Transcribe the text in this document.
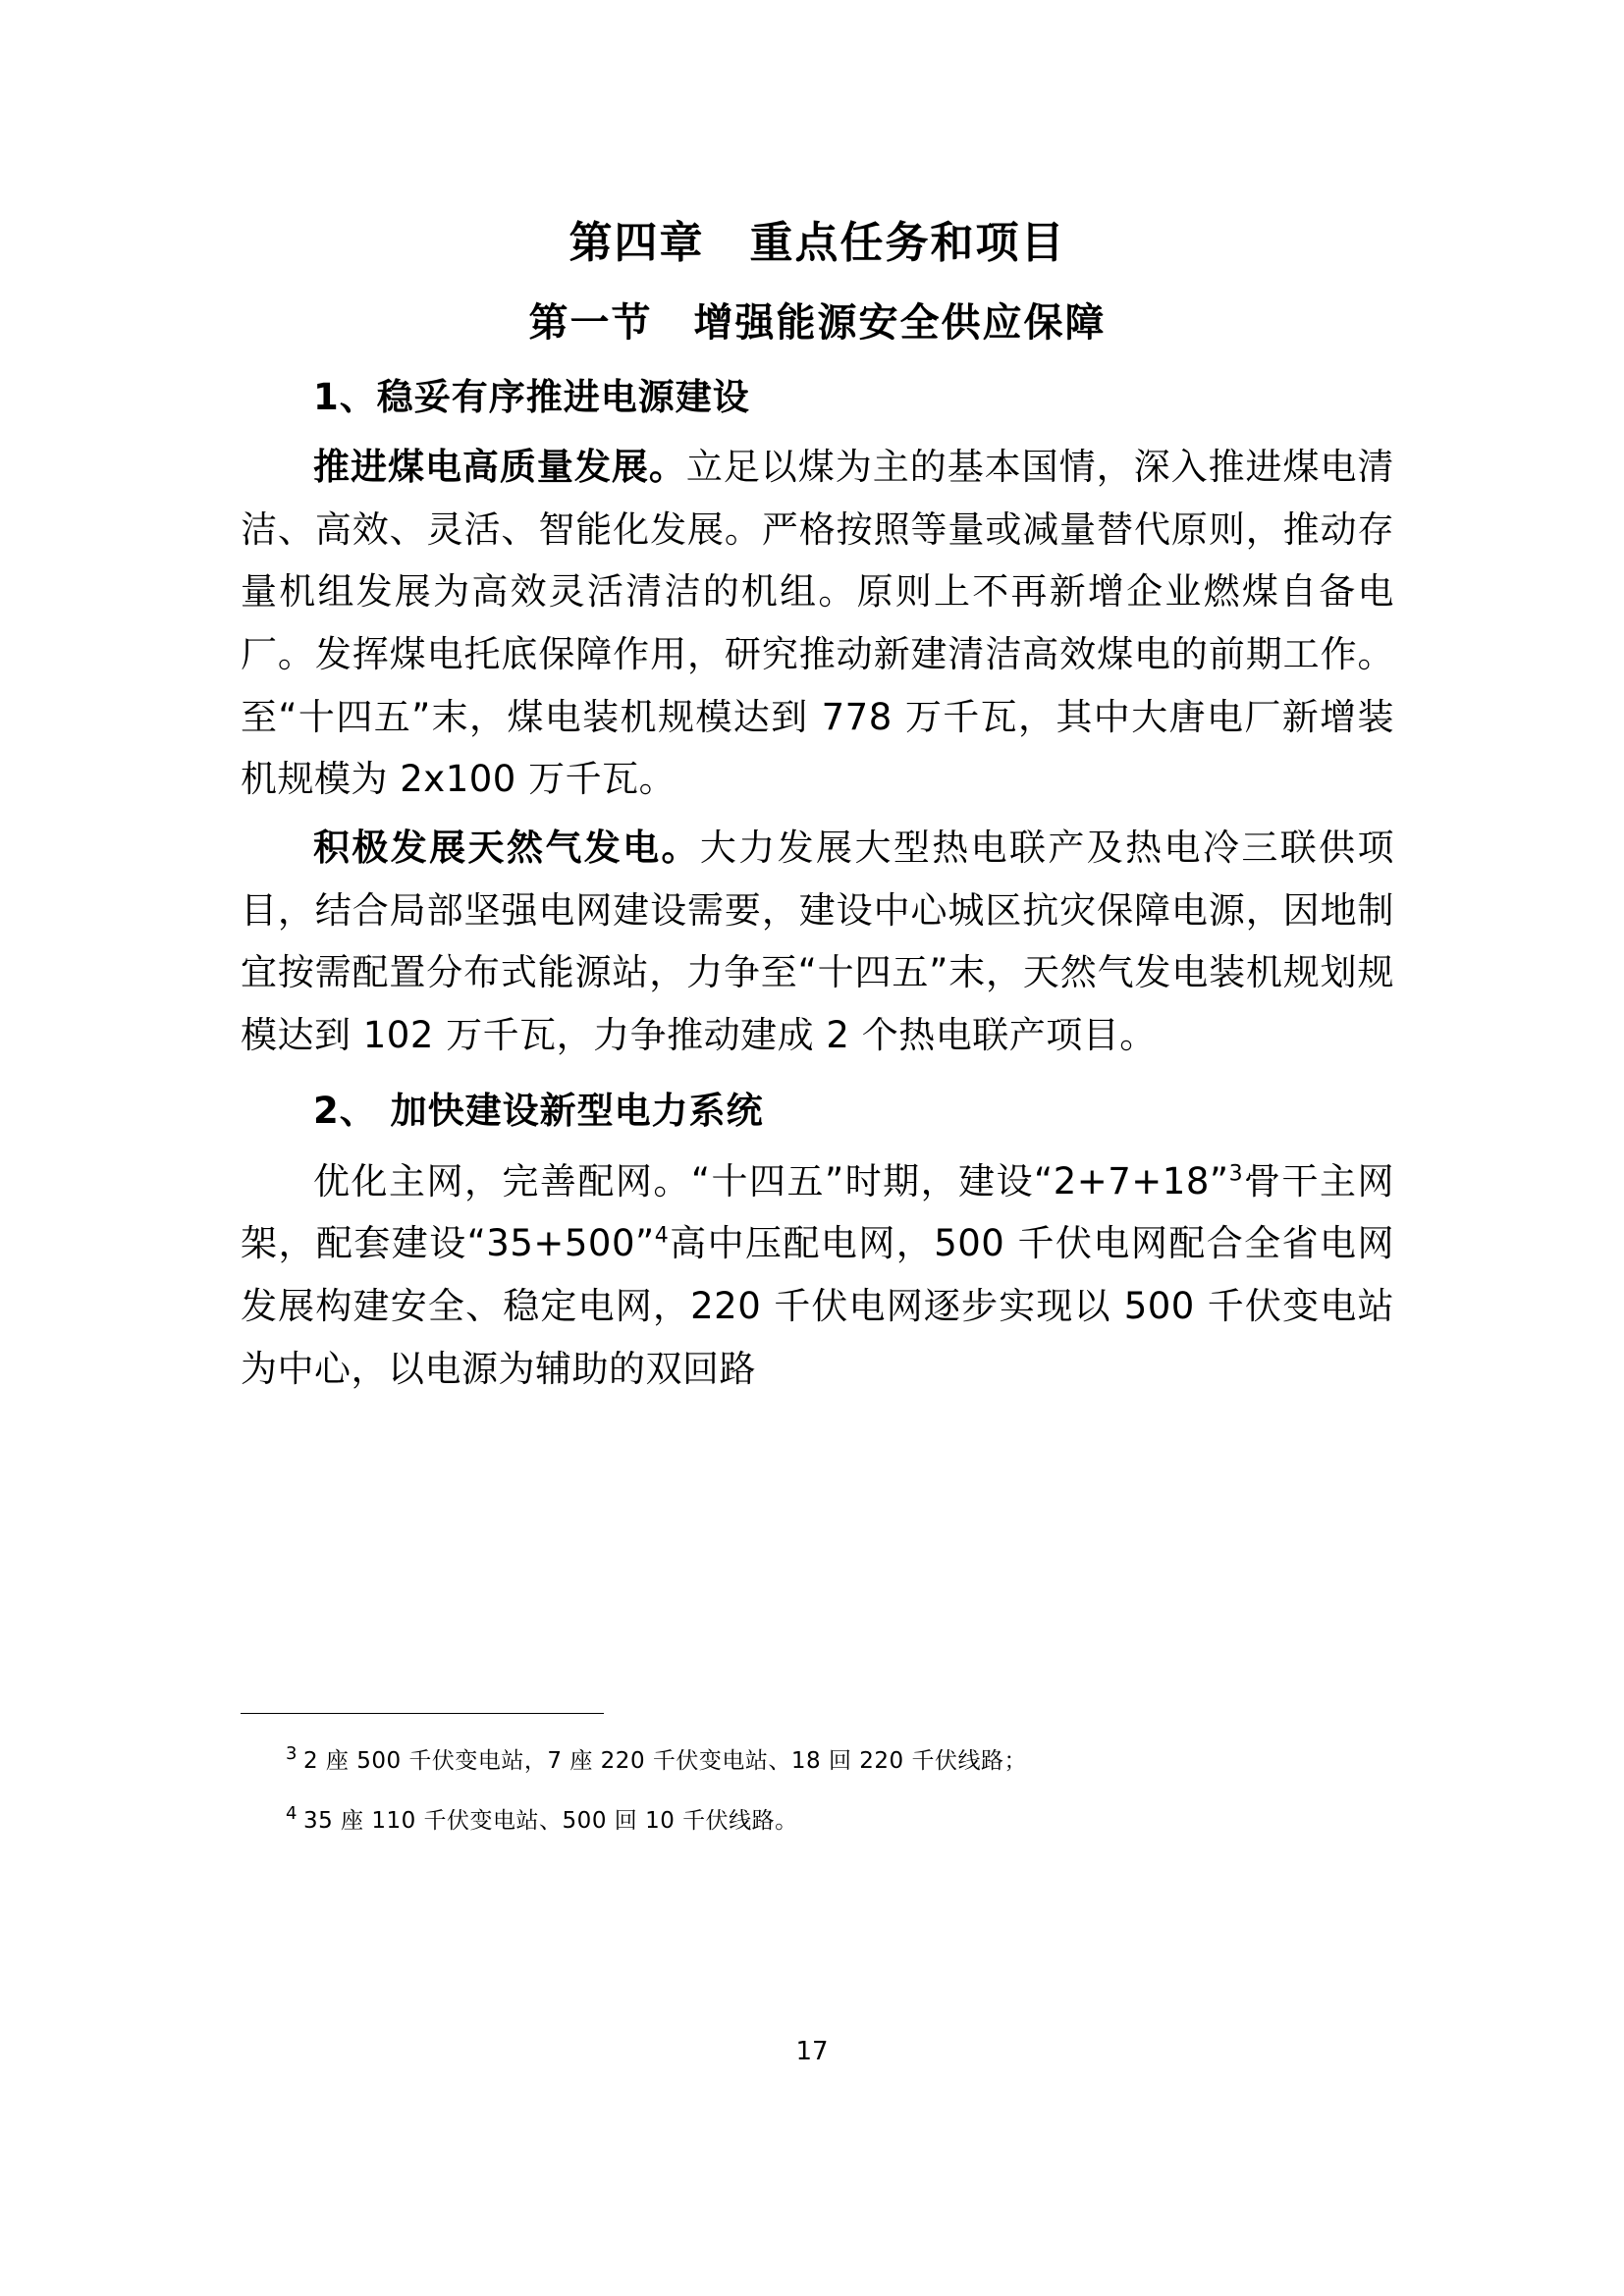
第四章　重点任务和项目
第一节　增强能源安全供应保障
1、稳妥有序推进电源建设

推进煤电高质量发展。立足以煤为主的基本国情，深入推进煤电清洁、高效、灵活、智能化发展。严格按照等量或减量替代原则，推动存量机组发展为高效灵活清洁的机组。原则上不再新增企业燃煤自备电厂。发挥煤电托底保障作用，研究推动新建清洁高效煤电的前期工作。至“十四五”末，煤电装机规模达到 778 万千瓦，其中大唐电厂新增装机规模为 2x100 万千瓦。

积极发展天然气发电。大力发展大型热电联产及热电冷三联供项目，结合局部坚强电网建设需要，建设中心城区抗灾保障电源，因地制宜按需配置分布式能源站，力争至“十四五”末，天然气发电装机规划规模达到 102 万千瓦，力争推动建成 2 个热电联产项目。

2、 加快建设新型电力系统

优化主网，完善配网。“十四五”时期，建设“2+7+18”$^3$骨干主网架，配套建设“35+500”$^4$高中压配电网，500 千伏电网配合全省电网发展构建安全、稳定电网，220 千伏电网逐步实现以 500 千伏变电站为中心，以电源为辅助的双回路

$^3$ 2 座 500 千伏变电站，7 座 220 千伏变电站、18 回 220 千伏线路；

$^4$ 35 座 110 千伏变电站、500 回 10 千伏线路。

17
